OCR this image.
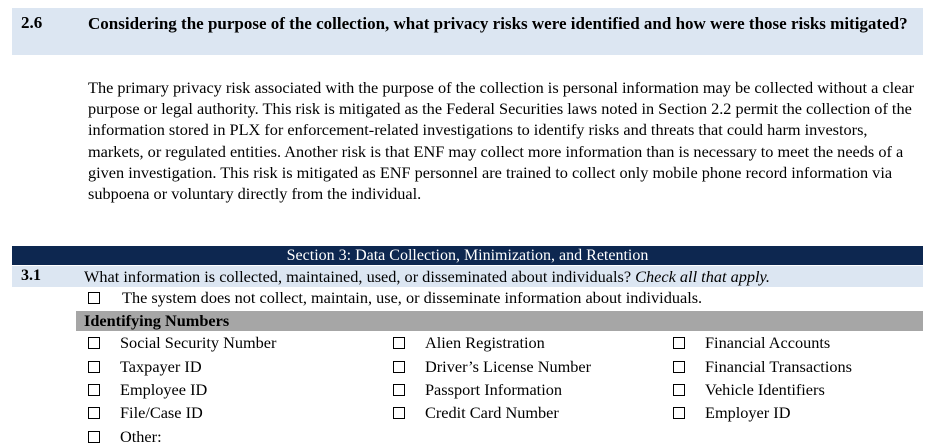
2.6	Considering the purpose of the collection, what privacy risks were identified and how were those risks mitigated?
The primary privacy risk associated with the purpose of the collection is personal information may be collected without a clear purpose or legal authority. This risk is mitigated as the Federal Securities laws noted in Section 2.2 permit the collection of the information stored in PLX for enforcement-related investigations to identify risks and threats that could harm investors, markets, or regulated entities. Another risk is that ENF may collect more information than is necessary to meet the needs of a given investigation. This risk is mitigated as ENF personnel are trained to collect only mobile phone record information via subpoena or voluntary directly from the individual.
Section 3: Data Collection, Minimization, and Retention
3.1	What information is collected, maintained, used, or disseminated about individuals? Check all that apply.
The system does not collect, maintain, use, or disseminate information about individuals.
Identifying Numbers
Social Security Number
Taxpayer ID
Employee ID
File/Case ID
Other:
Alien Registration
Driver’s License Number
Passport Information
Credit Card Number
Financial Accounts
Financial Transactions
Vehicle Identifiers
Employer ID
